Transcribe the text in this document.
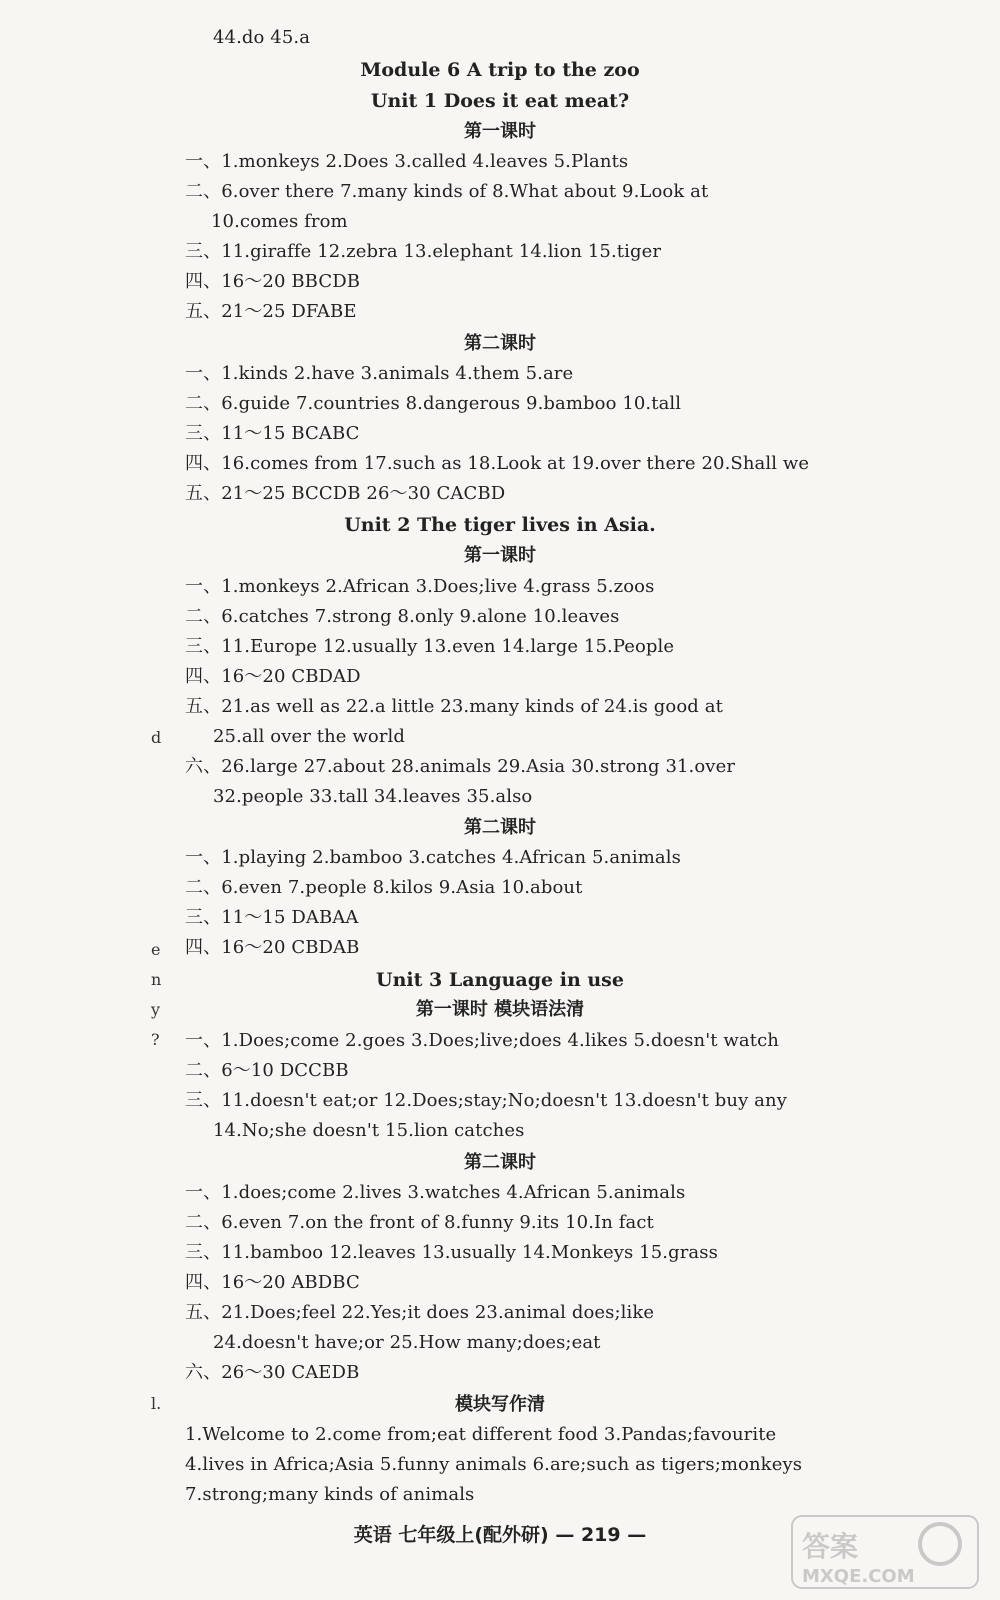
44.do 45.a
Module 6 A trip to the zoo
Unit 1 Does it eat meat?
第一课时
一、1.monkeys 2.Does 3.called 4.leaves 5.Plants
二、6.over there 7.many kinds of 8.What about 9.Look at
10.comes from
三、11.giraffe 12.zebra 13.elephant 14.lion 15.tiger
四、16～20 BBCDB
五、21～25 DFABE
第二课时
一、1.kinds 2.have 3.animals 4.them 5.are
二、6.guide 7.countries 8.dangerous 9.bamboo 10.tall
三、11～15 BCABC
四、16.comes from 17.such as 18.Look at 19.over there 20.Shall we
五、21～25 BCCDB 26～30 CACBD
Unit 2 The tiger lives in Asia.
第一课时
一、1.monkeys 2.African 3.Does;live 4.grass 5.zoos
二、6.catches 7.strong 8.only 9.alone 10.leaves
三、11.Europe 12.usually 13.even 14.large 15.People
四、16～20 CBDAD
五、21.as well as 22.a little 23.many kinds of 24.is good at
25.all over the world
六、26.large 27.about 28.animals 29.Asia 30.strong 31.over
32.people 33.tall 34.leaves 35.also
第二课时
一、1.playing 2.bamboo 3.catches 4.African 5.animals
二、6.even 7.people 8.kilos 9.Asia 10.about
三、11～15 DABAA
四、16～20 CBDAB
Unit 3 Language in use
第一课时 模块语法清
一、1.Does;come 2.goes 3.Does;live;does 4.likes 5.doesn't watch
二、6～10 DCCBB
三、11.doesn't eat;or 12.Does;stay;No;doesn't 13.doesn't buy any
14.No;she doesn't 15.lion catches
第二课时
一、1.does;come 2.lives 3.watches 4.African 5.animals
二、6.even 7.on the front of 8.funny 9.its 10.In fact
三、11.bamboo 12.leaves 13.usually 14.Monkeys 15.grass
四、16～20 ABDBC
五、21.Does;feel 22.Yes;it does 23.animal does;like
24.doesn't have;or 25.How many;does;eat
六、26～30 CAEDB
模块写作清
1.Welcome to 2.come from;eat different food 3.Pandas;favourite
4.lives in Africa;Asia 5.funny animals 6.are;such as tigers;monkeys
7.strong;many kinds of animals
d
e
n
y
?
l.
英语 七年级上(配外研) — 219 —	答案
MXQE.COM
